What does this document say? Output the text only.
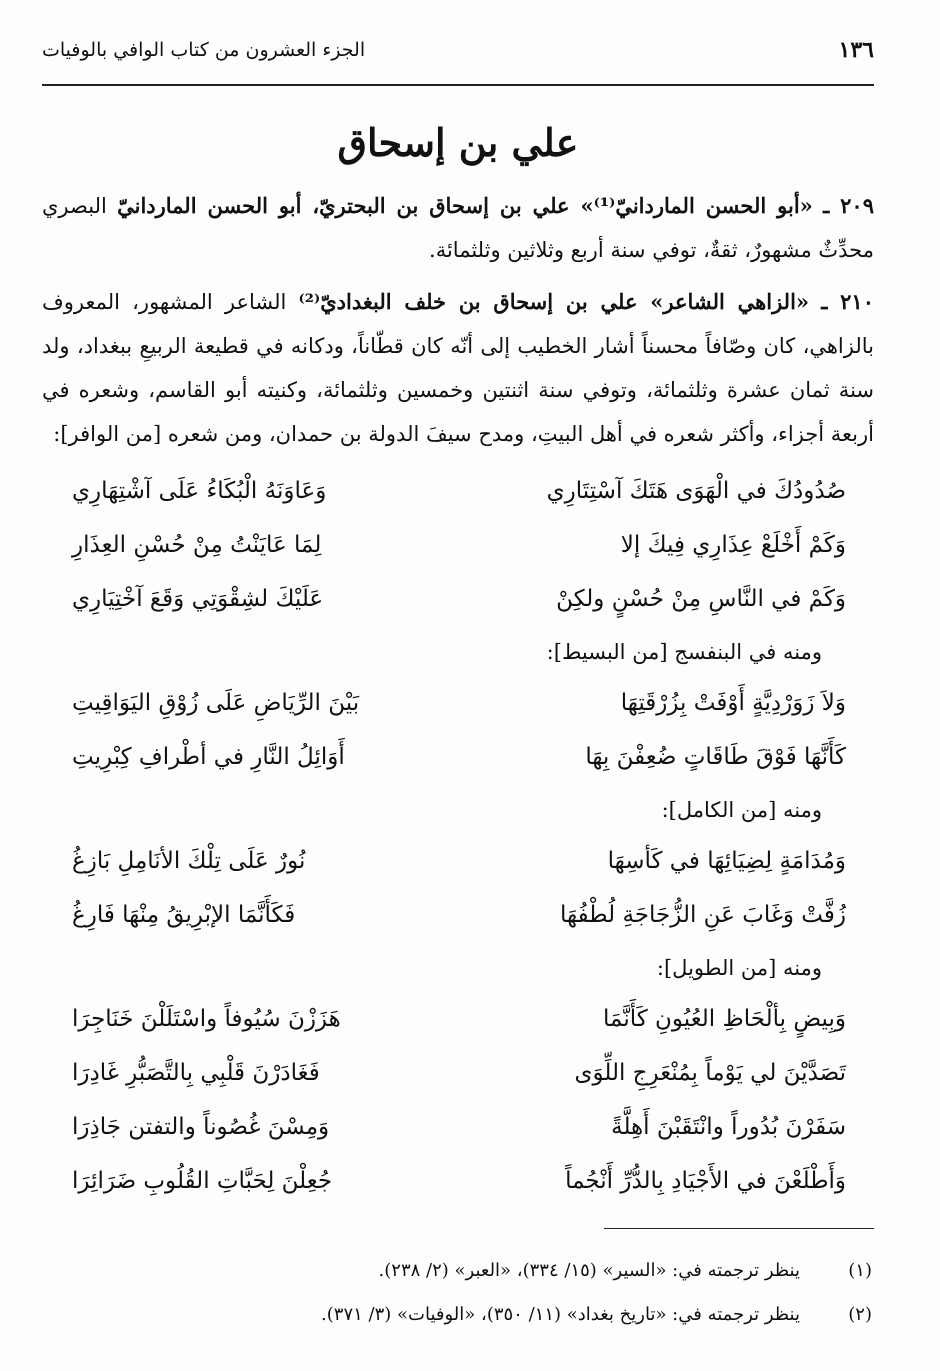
١٣٦
الجزء العشرون من كتاب الوافي بالوفيات
علي بن إسحاق

٢٠٩ ـ «أبو الحسن الماردانيّ⁽¹⁾» علي بن إسحاق بن البحتريّ، أبو الحسن الماردانيّ البصري محدِّثٌ مشهورٌ، ثقةٌ، توفي سنة أربع وثلاثين وثلثمائة.

٢١٠ ـ «الزاهي الشاعر» علي بن إسحاق بن خلف البغداديّ⁽²⁾ الشاعر المشهور، المعروف بالزاهي، كان وصّافاً محسناً أشار الخطيب إلى أنّه كان قطّاناً، ودكانه في قطيعة الربيعِ ببغداد، ولد سنة ثمان عشرة وثلثمائة، وتوفي سنة اثنتين وخمسين وثلثمائة، وكنيته أبو القاسم، وشعره في أربعة أجزاء، وأكثر شعره في أهل البيتِ، ومدح سيفَ الدولة بن حمدان، ومن شعره [من الوافر]:

صُدُودُكَ في الْهَوَى هَتَكَ آسْتِتَارِي
وَعَاوَنَهُ الْبُكَاءُ عَلَى آشْتِهَارِي
وَكَمْ أَخْلَعْ عِذَارِي فِيكَ إلا
لِمَا عَايَنْتُ مِنْ حُسْنِ العِذَارِ
وَكَمْ في النَّاسِ مِنْ حُسْنٍ ولكِنْ
عَلَيْكَ لشِقْوَتِي وَقَعَ آخْتِيَارِي
ومنه في البنفسج [من البسيط]:
وَلاَ زَوَرْدِيَّةٍ أَوْفَتْ بِزُرْقَتِهَا
بَيْنَ الرِّيَاضِ عَلَى زُوْقِ اليَوَاقِيتِ
كَأَنَّهَا فَوْقَ طَاقَاتٍ ضُعِفْنَ بِهَا
أَوَائِلُ النَّارِ في أطْرافِ كِبْرِيتِ
ومنه [من الكامل]:
وَمُدَامَةٍ لِضِيَائِهَا في كَأسِهَا
نُورٌ عَلَى تِلْكَ الأنَامِلِ بَازِغُ
زُفَّتْ وَغَابَ عَنِ الزُّجَاجَةِ لُطْفُهَا
فَكَأَنَّمَا الإبْرِيقُ مِنْهَا فَارِغُ
ومنه [من الطويل]:
وَبِيضٍ بِألْحَاظِ العُيُونِ كَأَنَّمَا
هَزَزْنَ سُيُوفاً واسْتَلَلْنَ خَنَاجِرَا
تَصَدَّيْنَ لي يَوْماً بِمُنْعَرِجِ اللِّوَى
فَغَادَرْنَ قَلْبِي بِالتَّصَبُّرِ غَادِرَا
سَفَرْنَ بُدُوراً وانْتَقَبْنَ أَهِلَّةً
وَمِسْنَ غُصُوناً والتفتن جَاذِرَا
وَأَطْلَعْنَ في الأَجْيَادِ بِالدُّرِّ أَنْجُماً
جُعِلْنَ لِحَبَّاتِ القُلُوبِ ضَرَائِرَا
(١)
ينظر ترجمته في: «السير» (١٥/ ٣٣٤)، «العبر» (٢/ ٢٣٨).
(٢)
ينظر ترجمته في: «تاريخ بغداد» (١١/ ٣٥٠)، «الوفيات» (٣/ ٣٧١).
